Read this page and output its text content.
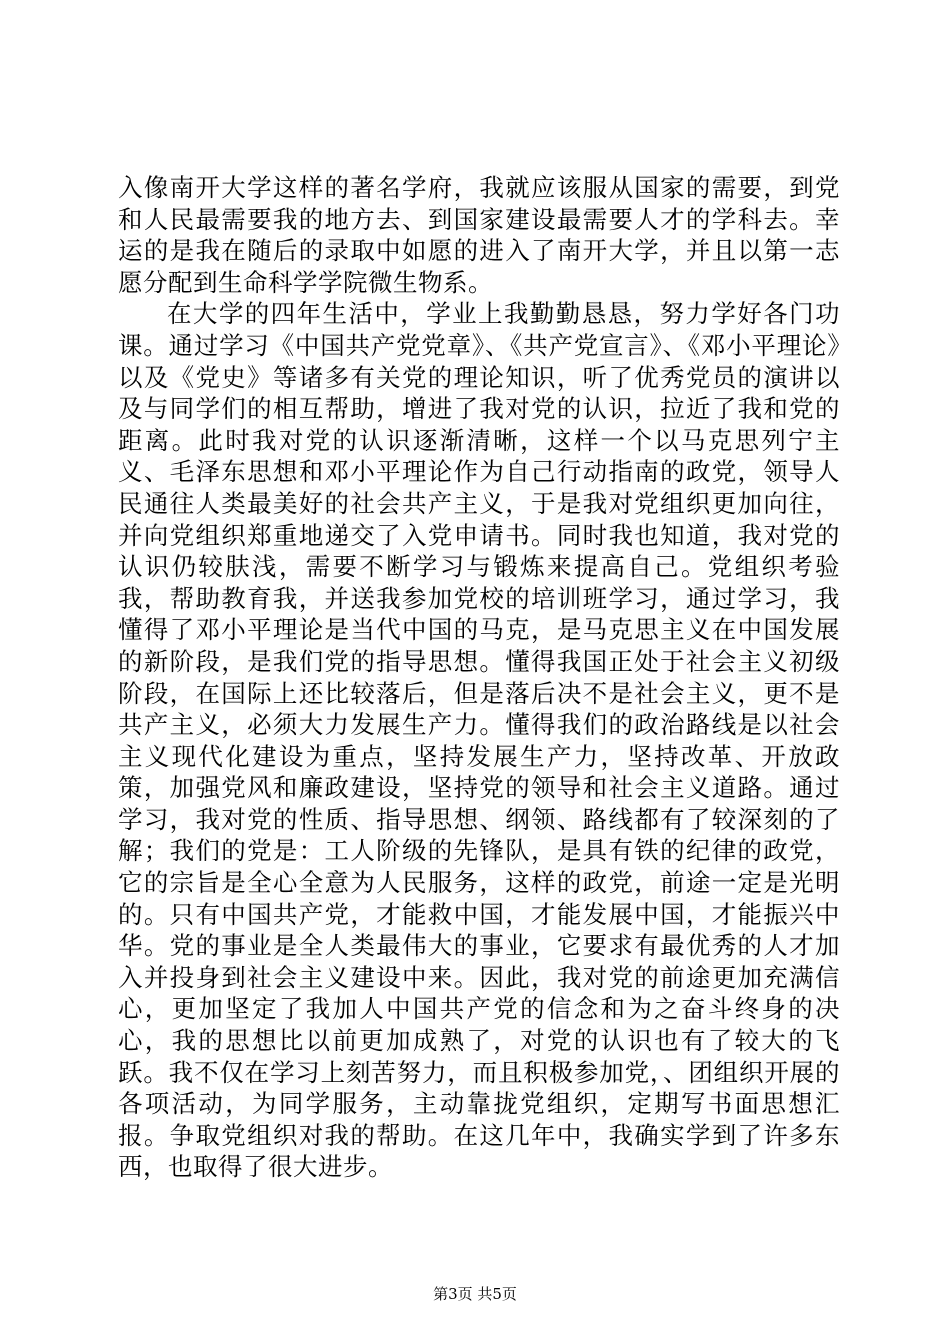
入像南开大学这样的著名学府，我就应该服从国家的需要，到党和人民最需要我的地方去、到国家建设最需要人才的学科去。幸运的是我在随后的录取中如愿的进入了南开大学，并且以第一志愿分配到生命科学学院微生物系。

在大学的四年生活中，学业上我勤勤恳恳，努力学好各门功课。通过学习《中国共产党党章》、《共产党宣言》、《邓小平理论》以及《党史》等诸多有关党的理论知识，听了优秀党员的演讲以及与同学们的相互帮助，增进了我对党的认识，拉近了我和党的距离。此时我对党的认识逐渐清晰，这样一个以马克思列宁主义、毛泽东思想和邓小平理论作为自己行动指南的政党，领导人民通往人类最美好的社会共产主义，于是我对党组织更加向往，并向党组织郑重地递交了入党申请书。同时我也知道，我对党的认识仍较肤浅，需要不断学习与锻炼来提高自己。党组织考验我，帮助教育我，并送我参加党校的培训班学习，通过学习，我懂得了邓小平理论是当代中国的马克，是马克思主义在中国发展的新阶段，是我们党的指导思想。懂得我国正处于社会主义初级阶段，在国际上还比较落后，但是落后决不是社会主义，更不是共产主义，必须大力发展生产力。懂得我们的政治路线是以社会主义现代化建设为重点，坚持发展生产力，坚持改革、开放政策，加强党风和廉政建设，坚持党的领导和社会主义道路。通过学习，我对党的性质、指导思想、纲领、路线都有了较深刻的了解；我们的党是：工人阶级的先锋队，是具有铁的纪律的政党，它的宗旨是全心全意为人民服务，这样的政党，前途一定是光明的。只有中国共产党，才能救中国，才能发展中国，才能振兴中华。党的事业是全人类最伟大的事业，它要求有最优秀的人才加入并投身到社会主义建设中来。因此，我对党的前途更加充满信心，更加坚定了我加人中国共产党的信念和为之奋斗终身的决心，我的思想比以前更加成熟了，对党的认识也有了较大的飞跃。我不仅在学习上刻苦努力，而且积极参加党，、团组织开展的各项活动，为同学服务，主动靠拢党组织，定期写书面思想汇报。争取党组织对我的帮助。在这几年中，我确实学到了许多东西，也取得了很大进步。

第3页 共5页
